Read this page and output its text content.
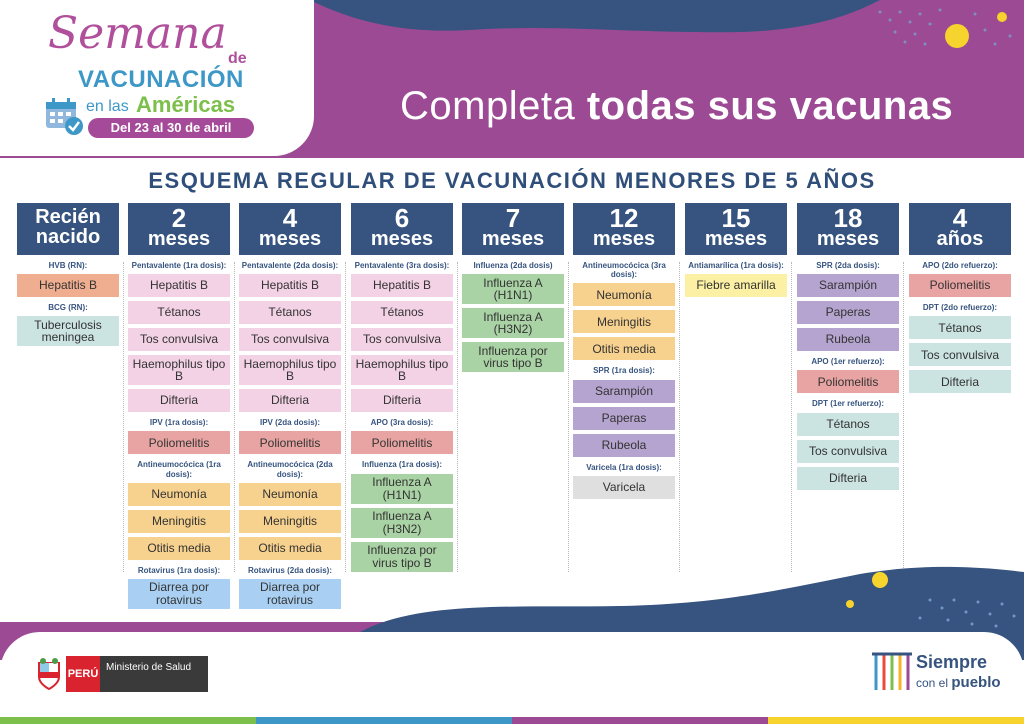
Semana de
VACUNACIÓN
en las Américas
Del 23 al 30 de abril	Completa todas sus vacunas
ESQUEMA REGULAR DE VACUNACIÓN MENORES DE 5 AÑOS
Recién
nacido
HVB (RN):
Hepatitis B
BCG (RN):
Tuberculosis meningea
2
meses
Pentavalente (1ra dosis):
Hepatitis B
Tétanos
Tos convulsiva
Haemophilus tipo B
Difteria
IPV (1ra dosis):
Poliomelitis
Antineumocócica (1ra dosis):
Neumonía
Meningitis
Otitis media
Rotavirus (1ra dosis):
Diarrea por rotavirus
4
meses
Pentavalente (2da dosis):
Hepatitis B
Tétanos
Tos convulsiva
Haemophilus tipo B
Difteria
IPV (2da dosis):
Poliomelitis
Antineumocócica (2da dosis):
Neumonía
Meningitis
Otitis media
Rotavirus (2da dosis):
Diarrea por rotavirus
6
meses
Pentavalente (3ra dosis):
Hepatitis B
Tétanos
Tos convulsiva
Haemophilus tipo B
Difteria
APO (3ra dosis):
Poliomelitis
Influenza (1ra dosis):
Influenza A (H1N1)
Influenza A (H3N2)
Influenza por virus tipo B
7
meses
Influenza (2da dosis)
Influenza A (H1N1)
Influenza A (H3N2)
Influenza por virus tipo B
12
meses
Antineumocócica (3ra dosis):
Neumonía
Meningitis
Otitis media
SPR (1ra dosis):
Sarampión
Paperas
Rubeola
Varicela (1ra dosis):
Varicela
15
meses
Antiamarílica (1ra dosis):
Fiebre amarilla
18
meses
SPR (2da dosis):
Sarampión
Paperas
Rubeola
APO (1er refuerzo):
Poliomelitis
DPT (1er refuerzo):
Tétanos
Tos convulsiva
Difteria
4
años
APO (2do refuerzo):
Poliomelitis
DPT (2do refuerzo):
Tétanos
Tos convulsiva
Difteria
PERÚ
Ministerio de Salud	Siempre
con el pueblo
